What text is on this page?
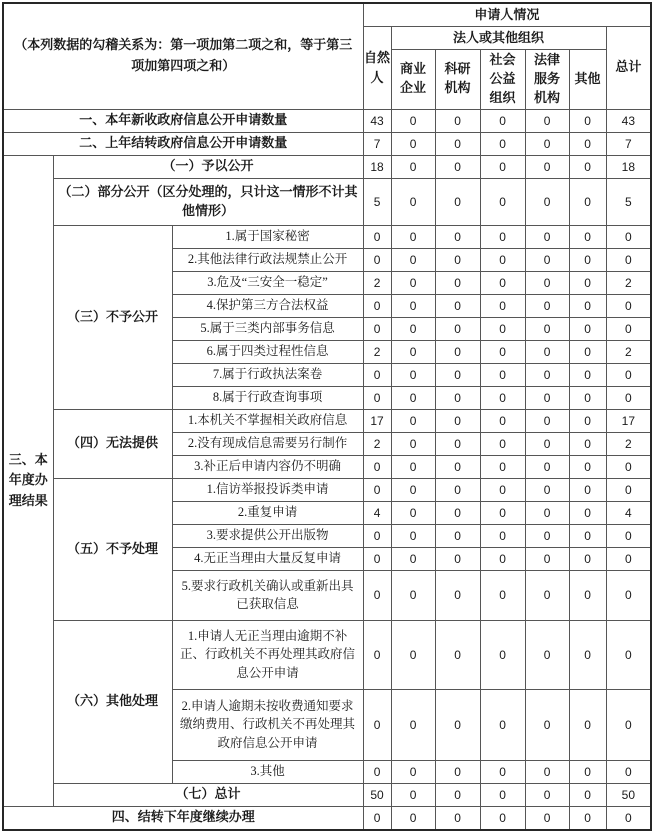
（本列数据的勾稽关系为：第一项加第二项之和，等于第三项加第四项之和）			申请人情况						
			自然人	法人或其他组织					总计
				商业企业	科研机构	社会公益组织	法律服务机构	其他	
一、本年新收政府信息公开申请数量			43	0	0	0	0	0	43
二、上年结转政府信息公开申请数量			7	0	0	0	0	0	7
三、本年度办理结果	（一）予以公开		18	0	0	0	0	0	18
	（二）部分公开（区分处理的，只计这一情形不计其他情形）		5	0	0	0	0	0	5
	（三）不予公开	1.属于国家秘密	0	0	0	0	0	0	0
		2.其他法律行政法规禁止公开	0	0	0	0	0	0	0
		3.危及“三安全一稳定”	2	0	0	0	0	0	2
		4.保护第三方合法权益	0	0	0	0	0	0	0
		5.属于三类内部事务信息	0	0	0	0	0	0	0
		6.属于四类过程性信息	2	0	0	0	0	0	2
		7.属于行政执法案卷	0	0	0	0	0	0	0
		8.属于行政查询事项	0	0	0	0	0	0	0
	（四）无法提供	1.本机关不掌握相关政府信息	17	0	0	0	0	0	17
		2.没有现成信息需要另行制作	2	0	0	0	0	0	2
		3.补正后申请内容仍不明确	0	0	0	0	0	0	0
	（五）不予处理	1.信访举报投诉类申请	0	0	0	0	0	0	0
		2.重复申请	4	0	0	0	0	0	4
		3.要求提供公开出版物	0	0	0	0	0	0	0
		4.无正当理由大量反复申请	0	0	0	0	0	0	0
		5.要求行政机关确认或重新出具已获取信息	0	0	0	0	0	0	0
	（六）其他处理	1.申请人无正当理由逾期不补正、行政机关不再处理其政府信息公开申请	0	0	0	0	0	0	0
		2.申请人逾期未按收费通知要求缴纳费用、行政机关不再处理其政府信息公开申请	0	0	0	0	0	0	0
		3.其他	0	0	0	0	0	0	0
	（七）总计		50	0	0	0	0	0	50
四、结转下年度继续办理			0	0	0	0	0	0	0
